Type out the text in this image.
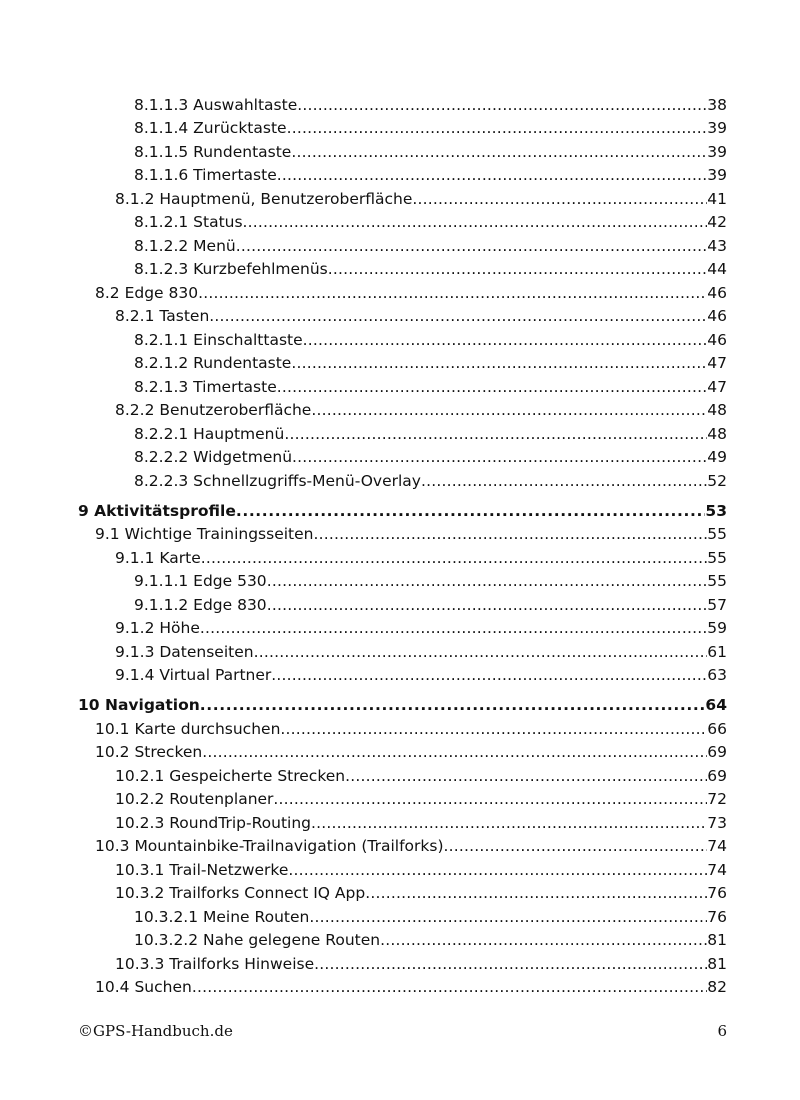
8.1.1.3 Auswahltaste .....	38
8.1.1.4 Zurücktaste .....	39
8.1.1.5 Rundentaste .....	39
8.1.1.6 Timertaste .....	39
8.1.2 Hauptmenü, Benutzeroberfläche .....	41
8.1.2.1 Status .....	42
8.1.2.2 Menü .....	43
8.1.2.3 Kurzbefehlmenüs .....	44
8.2 Edge 830 .....	46
8.2.1 Tasten .....	46
8.2.1.1 Einschalttaste .....	46
8.2.1.2 Rundentaste .....	47
8.2.1.3 Timertaste .....	47
8.2.2 Benutzeroberfläche .....	48
8.2.2.1 Hauptmenü .....	48
8.2.2.2 Widgetmenü .....	49
8.2.2.3 Schnellzugriffs-Menü-Overlay .....	52
9 Aktivitätsprofile .....	53
9.1 Wichtige Trainingsseiten .....	55
9.1.1 Karte .....	55
9.1.1.1 Edge 530 .....	55
9.1.1.2 Edge 830 .....	57
9.1.2 Höhe .....	59
9.1.3 Datenseiten .....	61
9.1.4 Virtual Partner .....	63
10 Navigation .....	64
10.1 Karte durchsuchen .....	66
10.2 Strecken .....	69
10.2.1 Gespeicherte Strecken .....	69
10.2.2 Routenplaner .....	72
10.2.3 RoundTrip-Routing .....	73
10.3 Mountainbike-Trailnavigation (Trailforks) .....	74
10.3.1 Trail-Netzwerke .....	74
10.3.2 Trailforks Connect IQ App .....	76
10.3.2.1 Meine Routen .....	76
10.3.2.2 Nahe gelegene Routen .....	81
10.3.3 Trailforks Hinweise .....	81
10.4 Suchen .....	82
©GPS-Handbuch.de	6
